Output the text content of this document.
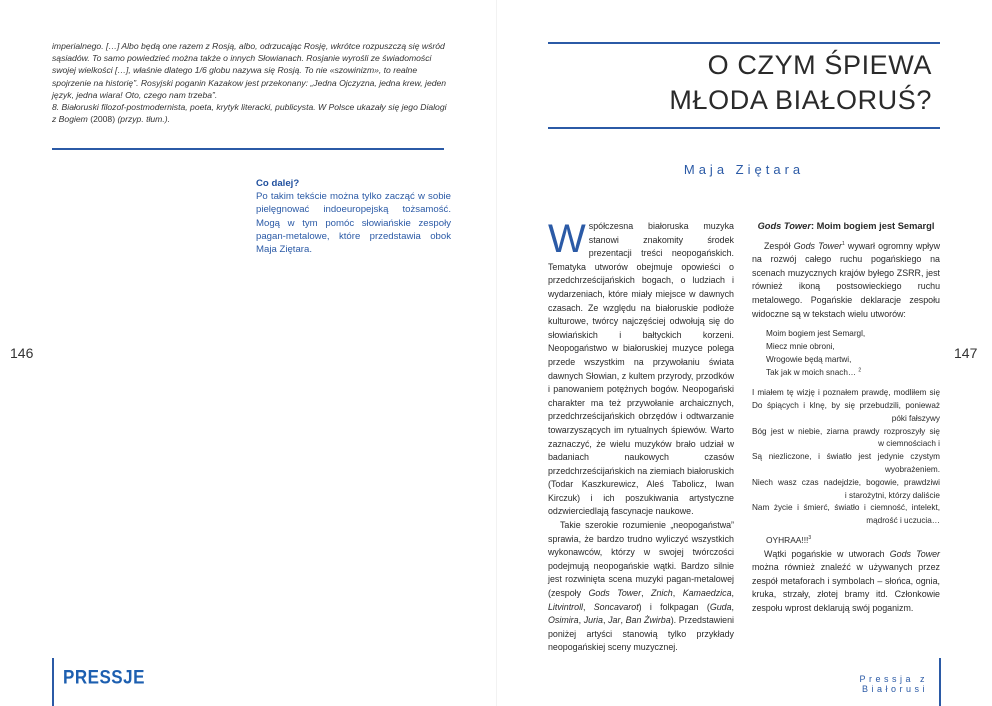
imperialnego. […] Albo będą one razem z Rosją, albo, odrzucając Rosję, wkrótce rozpuszczą się wśród sąsiadów. To samo powiedzieć można także o innych Słowianach. Rosjanie wyrośli ze świadomości swojej wielkości […], właśnie dlatego 1/6 globu nazywa się Rosją. To nie «szowinizm», to realne spojrzenie na historię”. Rosyjski poganin Kazakow jest przekonany: „Jedna Ojczyzna, jedna krew, jeden język, jedna wiara! Oto, czego nam trzeba”.

8. Białoruski filozof-postmodernista, poeta, krytyk literacki, publicysta. W Polsce ukazały się jego Dialogi z Bogiem (2008) (przyp. tłum.).

Co dalej?

Po takim tekście można tylko zacząć w sobie pielęgnować indoeuropejską tożsamość. Mogą w tym pomóc słowiańskie zespoły pagan-metalowe, które przedstawia obok Maja Ziętara.

146
PRESSJE
O CZYM ŚPIEWA
MŁODA BIAŁORUŚ?
Maja Ziętara

Współczesna białoruska muzyka stanowi znakomity środek prezentacji treści neopogańskich. Tematyka utworów obejmuje opowieści o przedchrześcijańskich bogach, o ludziach i wydarzeniach, które miały miejsce w dawnych czasach. Ze względu na białoruskie podłoże kulturowe, twórcy najczęściej odwołują się do słowiańskich i bałtyckich korzeni. Neopogaństwo w białoruskiej muzyce polega przede wszystkim na przywołaniu świata dawnych Słowian, z kultem przyrody, przodków i panowaniem potężnych bogów. Neopogański charakter ma też przywołanie archaicznych, przedchrześcijańskich obrzędów i odtwarzanie towarzyszących im rytualnych śpiewów. Warto zaznaczyć, że wielu muzyków brało udział w badaniach naukowych czasów przedchrześcijańskich na ziemiach białoruskich (Todar Kaszkurewicz, Aleś Tabolicz, Iwan Kirczuk) i ich poszukiwania artystyczne odzwierciedlają fascynacje naukowe.

Takie szerokie rozumienie „neopogaństwa” sprawia, że bardzo trudno wyliczyć wszystkich wykonawców, którzy w swojej twórczości podejmują neopogańskie wątki. Bardzo silnie jest rozwinięta scena muzyki pagan-metalowej (zespoły Gods Tower, Znich, Kamaedzica, Litvintroll, Soncavarot) i folkpagan (Guda, Osimira, Juria, Jar, Ban Żwirba). Przedstawieni poniżej artyści stanowią tylko przykłady neopogańskiej sceny muzycznej.

Gods Tower: Moim bogiem jest Semargl

Zespół Gods Tower$^1$ wywarł ogromny wpływ na rozwój całego ruchu pogańskiego na scenach muzycznych krajów byłego ZSRR, jest również ikoną postsowieckiego ruchu metalowego. Pogańskie deklaracje zespołu widoczne są w tekstach wielu utworów:

Moim bogiem jest Semargl,
Miecz mnie obroni,
Wrogowie będą martwi,
Tak jak w moich snach… $^2$
I miałem tę wizję i poznałem prawdę, modliłem się
Do śpiących i klnę, by się przebudzili, ponieważ
póki fałszywy
Bóg jest w niebie, ziarna prawdy rozproszyły się
w ciemnościach i
Są niezliczone, i światło jest jedynie czystym
wyobrażeniem.
Niech wasz czas nadejdzie, bogowie, prawdziwi
i starożytni, którzy daliście
Nam życie i śmierć, światło i ciemność, intelekt,
mądrość i uczucia…

OYHRAA!!!$^3$

Wątki pogańskie w utworach Gods Tower można również znaleźć w używanych przez zespół metaforach i symbolach – słońca, ognia, kruka, strzały, złotej bramy itd. Członkowie zespołu wprost deklarują swój poganizm.

147
Pressja z Białorusi
